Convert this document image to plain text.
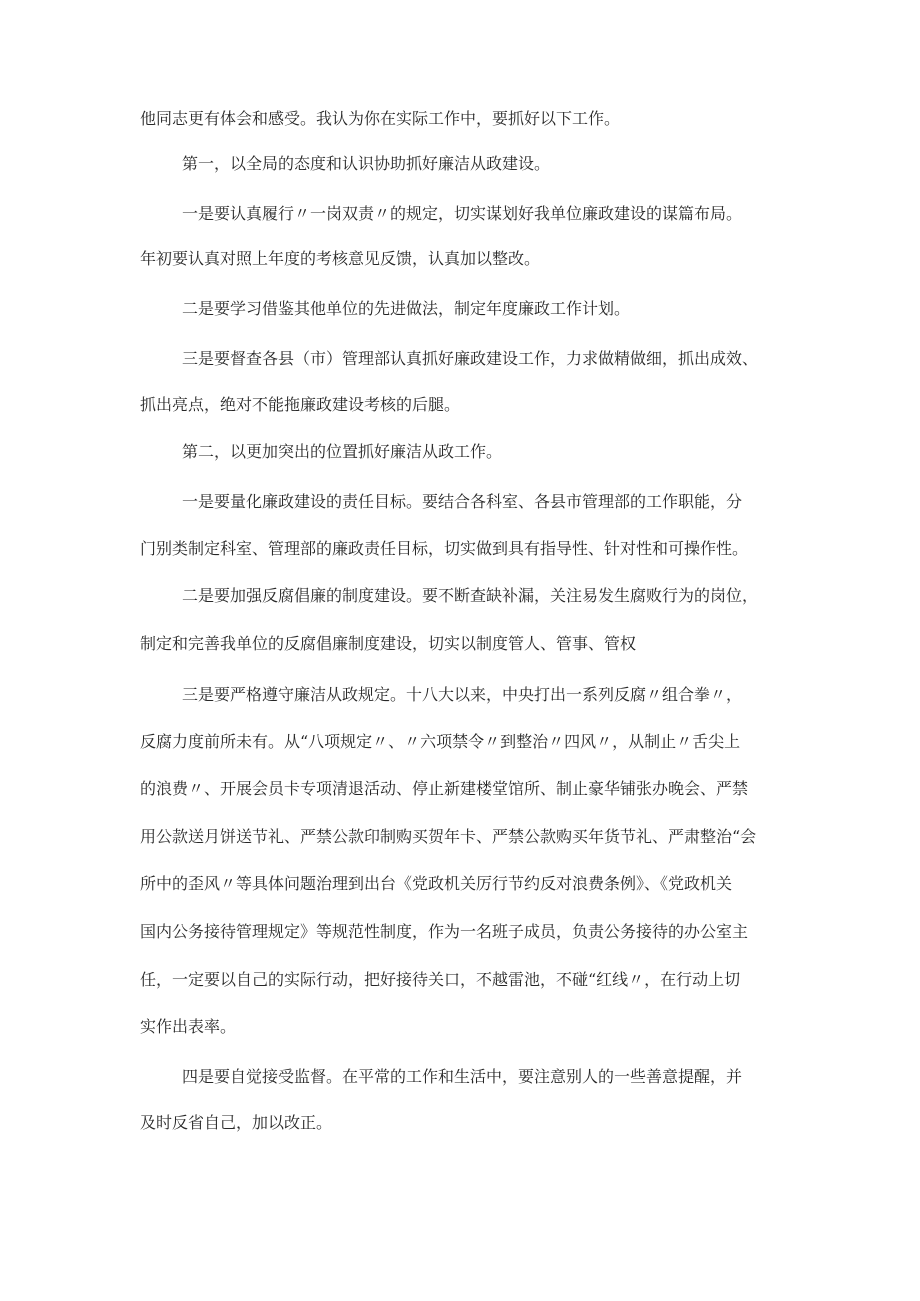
他同志更有体会和感受。我认为你在实际工作中，要抓好以下工作。

第一，以全局的态度和认识协助抓好廉洁从政建设。

一是要认真履行〃一岗双责〃的规定，切实谋划好我单位廉政建设的谋篇布局。

年初要认真对照上年度的考核意见反馈，认真加以整改。

二是要学习借鉴其他单位的先进做法，制定年度廉政工作计划。

三是要督查各县（市）管理部认真抓好廉政建设工作，力求做精做细，抓出成效、

抓出亮点，绝对不能拖廉政建设考核的后腿。

第二，以更加突出的位置抓好廉洁从政工作。

一是要量化廉政建设的责任目标。要结合各科室、各县市管理部的工作职能，分

门别类制定科室、管理部的廉政责任目标，切实做到具有指导性、针对性和可操作性。

二是要加强反腐倡廉的制度建设。要不断查缺补漏，关注易发生腐败行为的岗位，

制定和完善我单位的反腐倡廉制度建设，切实以制度管人、管事、管权

三是要严格遵守廉洁从政规定。十八大以来，中央打出一系列反腐〃组合拳〃，

反腐力度前所未有。从“八项规定〃、〃六项禁令〃到整治〃四风〃，从制止〃舌尖上

的浪费〃、开展会员卡专项清退活动、停止新建楼堂馆所、制止豪华铺张办晚会、严禁

用公款送月饼送节礼、严禁公款印制购买贺年卡、严禁公款购买年货节礼、严肃整治“会

所中的歪风〃等具体问题治理到出台《党政机关厉行节约反对浪费条例》、《党政机关

国内公务接待管理规定》等规范性制度，作为一名班子成员，负责公务接待的办公室主

任，一定要以自己的实际行动，把好接待关口，不越雷池，不碰“红线〃，在行动上切

实作出表率。

四是要自觉接受监督。在平常的工作和生活中，要注意别人的一些善意提醒，并

及时反省自己，加以改正。
